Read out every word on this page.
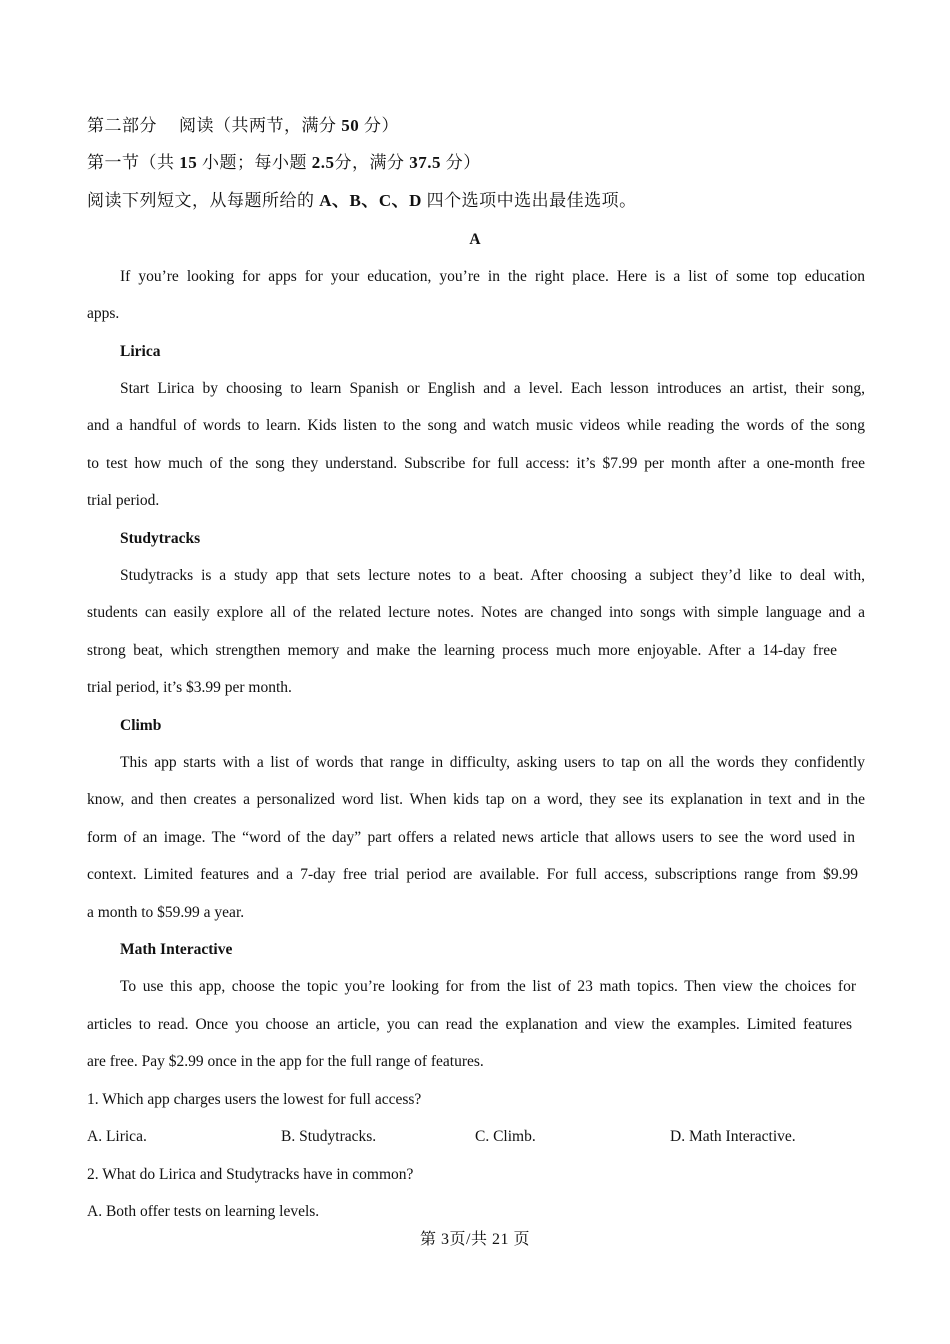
第二部分 阅读（共两节，满分 50 分）
第一节（共 15 小题；每小题 2.5分，满分 37.5 分）
阅读下列短文，从每题所给的 A、B、C、D 四个选项中选出最佳选项。
A
If you’re looking for apps for your education, you’re in the right place. Here is a list of some top education
apps.
Lirica
Start Lirica by choosing to learn Spanish or English and a level. Each lesson introduces an artist, their song,
and a handful of words to learn. Kids listen to the song and watch music videos while reading the words of the song
to test how much of the song they understand. Subscribe for full access: it’s $7.99 per month after a one-month free
trial period.
Studytracks
Studytracks is a study app that sets lecture notes to a beat. After choosing a subject they’d like to deal with,
students can easily explore all of the related lecture notes. Notes are changed into songs with simple language and a
strong beat, which strengthen memory and make the learning process much more enjoyable. After a 14-day free
trial period, it’s $3.99 per month.
Climb
This app starts with a list of words that range in difficulty, asking users to tap on all the words they confidently
know, and then creates a personalized word list. When kids tap on a word, they see its explanation in text and in the
form of an image. The “word of the day” part offers a related news article that allows users to see the word used in
context. Limited features and a 7-day free trial period are available. For full access, subscriptions range from $9.99
a month to $59.99 a year.
Math Interactive
To use this app, choose the topic you’re looking for from the list of 23 math topics. Then view the choices for
articles to read. Once you choose an article, you can read the explanation and view the examples. Limited features
are free. Pay $2.99 once in the app for the full range of features.
1. Which app charges users the lowest for full access?
A. Lirica.	B. Studytracks.	C. Climb.	D. Math Interactive.
2. What do Lirica and Studytracks have in common?
A. Both offer tests on learning levels.
第 3页/共 21 页
